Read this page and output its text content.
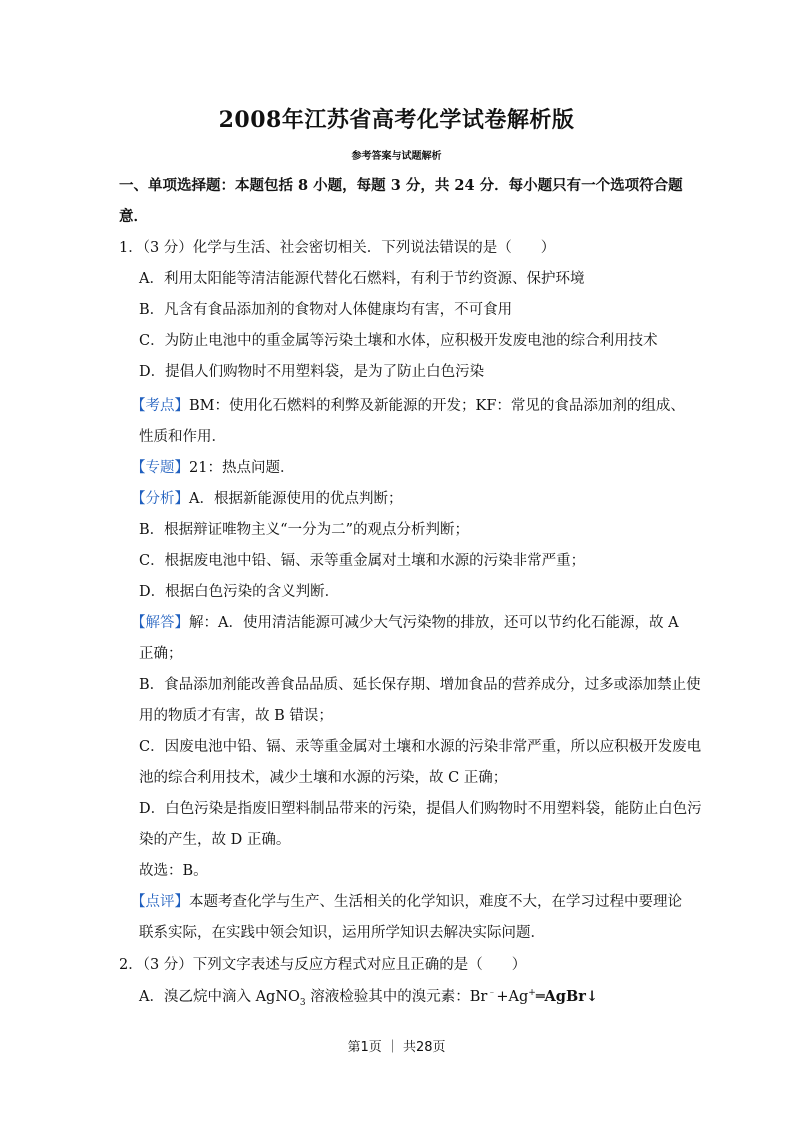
2008年江苏省高考化学试卷解析版
参考答案与试题解析
一、单项选择题：本题包括 8 小题，每题 3 分，共 24 分．每小题只有一个选项符合题
意．
1．（3 分）化学与生活、社会密切相关．下列说法错误的是（　　）
A．利用太阳能等清洁能源代替化石燃料，有利于节约资源、保护环境
B．凡含有食品添加剂的食物对人体健康均有害，不可食用
C．为防止电池中的重金属等污染土壤和水体，应积极开发废电池的综合利用技术
D．提倡人们购物时不用塑料袋，是为了防止白色污染
【考点】BM：使用化石燃料的利弊及新能源的开发；KF：常见的食品添加剂的组成、
性质和作用．
【专题】21：热点问题．
【分析】A．根据新能源使用的优点判断；
B．根据辩证唯物主义“一分为二”的观点分析判断；
C．根据废电池中铅、镉、汞等重金属对土壤和水源的污染非常严重；
D．根据白色污染的含义判断．
【解答】解：A．使用清洁能源可减少大气污染物的排放，还可以节约化石能源，故 A
正确；
B．食品添加剂能改善食品品质、延长保存期、增加食品的营养成分，过多或添加禁止使
用的物质才有害，故 B 错误；
C．因废电池中铅、镉、汞等重金属对土壤和水源的污染非常严重，所以应积极开发废电
池的综合利用技术，减少土壤和水源的污染，故 C 正确；
D．白色污染是指废旧塑料制品带来的污染，提倡人们购物时不用塑料袋，能防止白色污
染的产生，故 D 正确。
故选：B。
【点评】本题考查化学与生产、生活相关的化学知识，难度不大，在学习过程中要理论
联系实际，在实践中领会知识，运用所学知识去解决实际问题．
2．（3 分）下列文字表述与反应方程式对应且正确的是（　　）
A．溴乙烷中滴入 AgNO$_3$ 溶液检验其中的溴元素：Br﹣+Ag+═AgBr↓
第1页 ｜ 共28页
